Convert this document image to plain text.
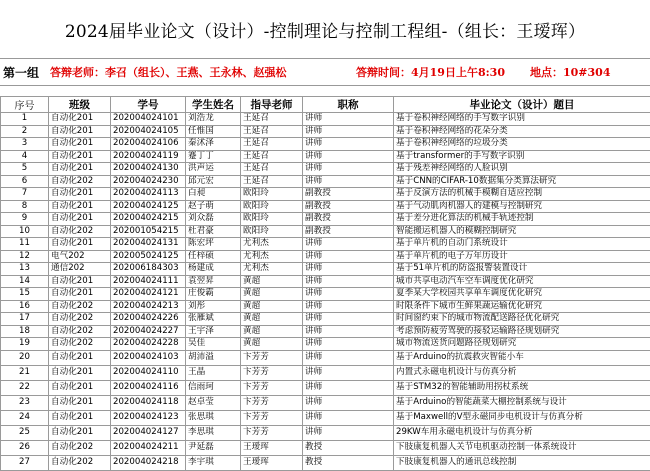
2024届毕业论文（设计）-控制理论与控制工程组-（组长：王瑷珲）
第一组 答辩老师：李召（组长）、王燕、王永林、赵强松	答辩时间：4月19日上午8:30 地点：10#304
序号	班级	学号	学生姓名	指导老师	职称	毕业论文（设计）题目
1	自动化201	202004024101	刘浩龙	王延召	讲师	基于卷积神经网络的手写数字识别
2	自动化201	202004024105	任惟国	王延召	讲师	基于卷积神经网络的花朵分类
3	自动化201	202004024106	秦沭泽	王延召	讲师	基于卷积神经网络的垃圾分类
4	自动化201	202004024119	蹇丁丁	王延召	讲师	基于transformer的手写数字识别
5	自动化201	202004024130	洪声运	王延召	讲师	基于残差神经网络的人脸识别
6	自动化202	202004024230	邱元宏	王延召	讲师	基于CNN的CIFAR-10数据集分类算法研究
7	自动化201	202004024113	白昶	欧阳玲	副教授	基于反演方法的机械手模糊自适应控制
8	自动化201	202004024125	赵子萌	欧阳玲	副教授	基于气动肌肉机器人的建模与控制研究
9	自动化201	202004024215	刘众磊	欧阳玲	副教授	基于差分进化算法的机械手轨迹控制
10	自动化202	202001054215	杜君豪	欧阳玲	副教授	智能搬运机器人的模糊控制研究
11	自动化201	202004024131	陈宏坪	尤利杰	讲师	基于单片机的自动门系统设计
12	电气202	202005024125	任梓硕	尤利杰	讲师	基于单片机的电子万年历设计
13	通信202	202006184303	杨建成	尤利杰	讲师	基于51单片机的防盗报警装置设计
14	自动化201	202004024111	袁翌昇	黄超	讲师	城市共享电动汽车空车调度优化研究
15	自动化201	202004024121	庄俊霸	黄超	讲师	夏季某大学校园共享单车调度优化研究
16	自动化202	202004024213	刘彤	黄超	讲师	时限条件下城市生鲜果蔬运输优化研究
17	自动化202	202004024226	张雁斌	黄超	讲师	时间窗约束下的城市物流配送路径优化研究
18	自动化202	202004024227	王宇泽	黄超	讲师	考虑预防疲劳驾驶的接驳运输路径规划研究
19	自动化202	202004024228	吴佳	黄超	讲师	城市物流送货问题路径规划研究
20	自动化201	202004024103	胡沛溢	卞芳芳	讲师	基于Arduino的抗震救灾智能小车
21	自动化201	202004024110	王晶	卞芳芳	讲师	内置式永磁电机设计与仿真分析
22	自动化201	202004024116	信雨珂	卞芳芳	讲师	基于STM32的智能辅助用拐杖系统
23	自动化201	202004024118	赵卓莹	卞芳芳	讲师	基于Arduino的智能蔬菜大棚控制系统与设计
24	自动化201	202004024123	张思琪	卞芳芳	讲师	基于Maxwell的V型永磁同步电机设计与仿真分析
25	自动化201	202004024127	李思琪	卞芳芳	讲师	29KW车用永磁电机设计与仿真分析
26	自动化202	202004024211	尹延磊	王瑷珲	教授	下肢康复机器人关节电机驱动控制一体系统设计
27	自动化202	202004024218	李宇琪	王瑷珲	教授	下肢康复机器人的通讯总线控制
